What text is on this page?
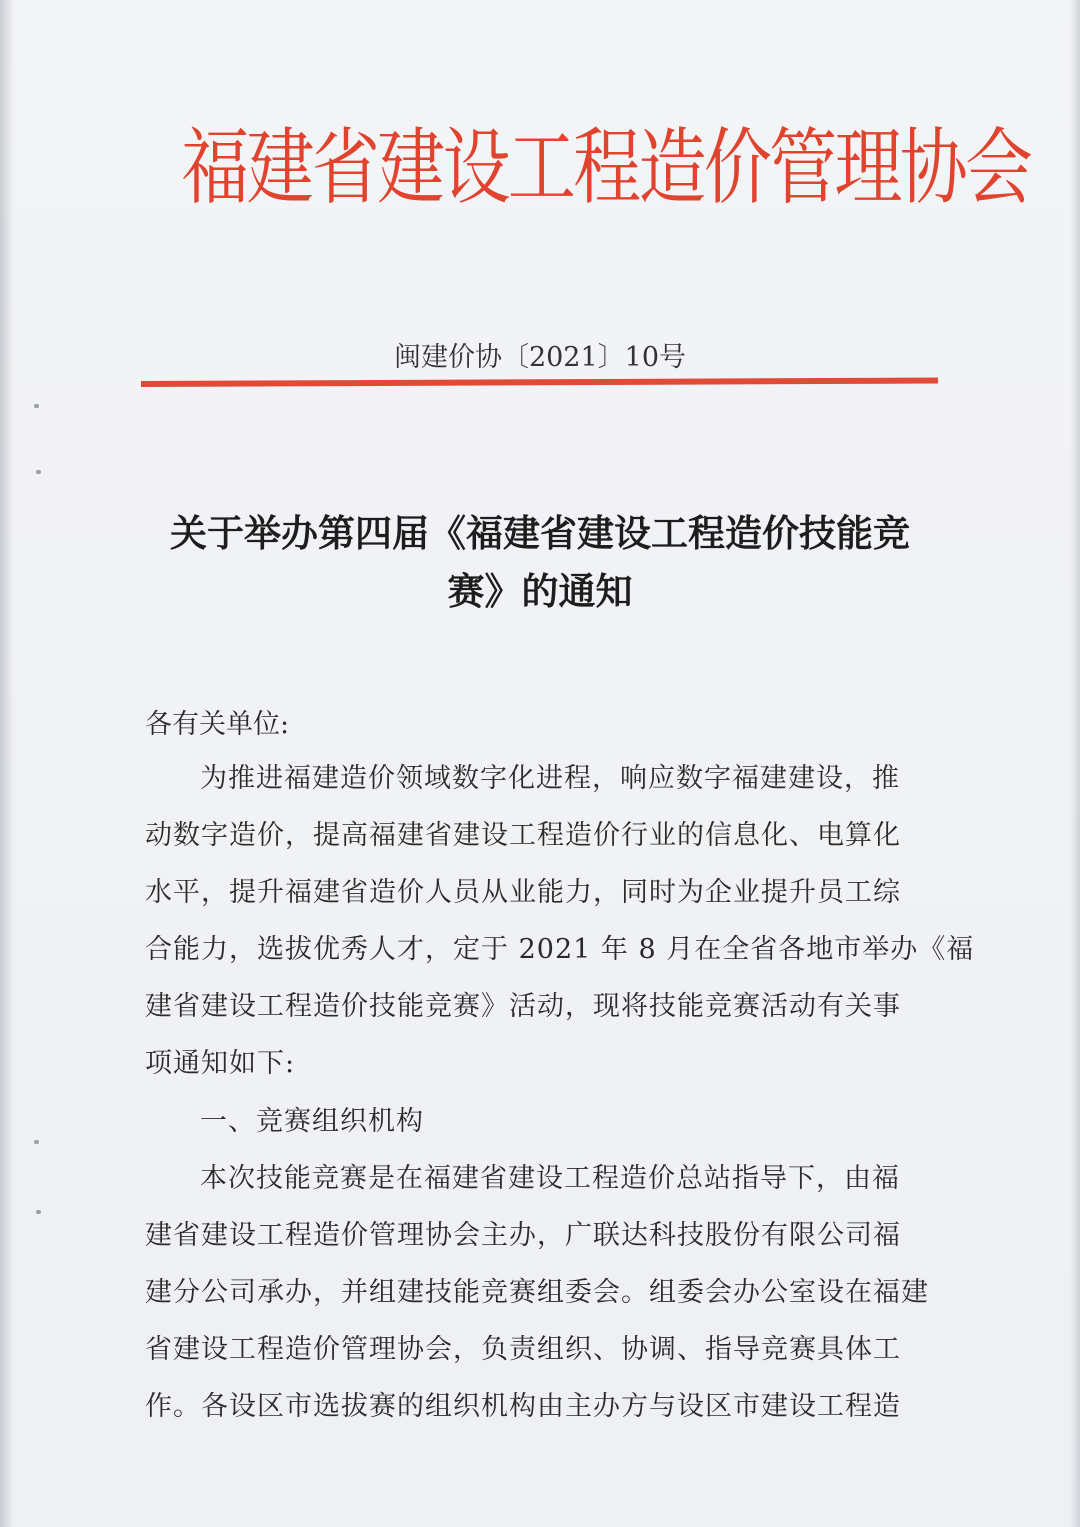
福建省建设工程造价管理协会
闽建价协〔2021〕10号
关于举办第四届《福建省建设工程造价技能竞
赛》的通知
各有关单位:
为推进福建造价领域数字化进程，响应数字福建建设，推
动数字造价，提高福建省建设工程造价行业的信息化、电算化
水平，提升福建省造价人员从业能力，同时为企业提升员工综
合能力，选拔优秀人才，定于 2021 年 8 月在全省各地市举办《福
建省建设工程造价技能竞赛》活动，现将技能竞赛活动有关事
项通知如下:
一、竞赛组织机构
本次技能竞赛是在福建省建设工程造价总站指导下，由福
建省建设工程造价管理协会主办，广联达科技股份有限公司福
建分公司承办，并组建技能竞赛组委会。组委会办公室设在福建
省建设工程造价管理协会，负责组织、协调、指导竞赛具体工
作。各设区市选拔赛的组织机构由主办方与设区市建设工程造
